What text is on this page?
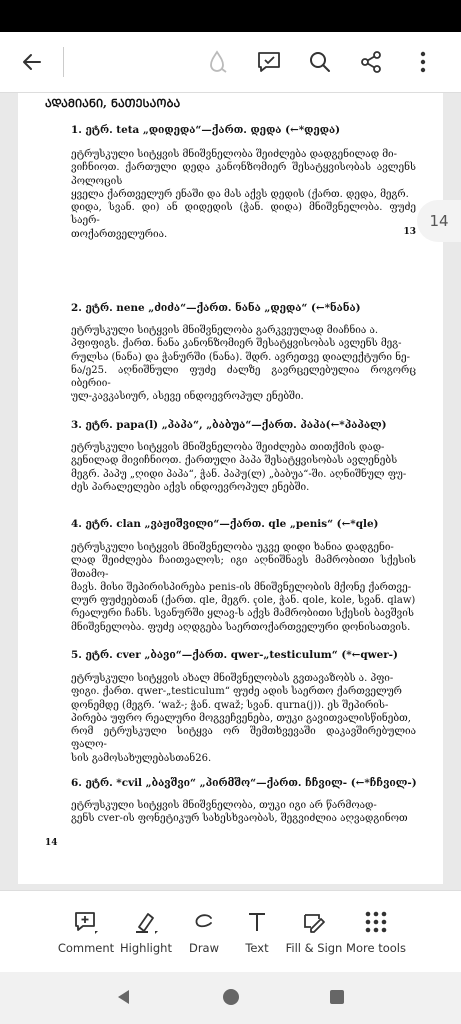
ᲐᲓᲐᲛᲘᲐᲜᲘ, ᲜᲐᲗᲔᲡᲐᲝᲑᲐ
1. ეტრ. teta „დიდედა“—ქართ. დედა (←*დედა)
ეტრუსკული სიტყვის მნიშვნელობა შეიძლება დადგენილად მი-
ვიჩნიოთ. ქართული დედა კანონზომიერ შესატყვისობას ავლენს პოლოცის
ყველა ქართველურ ენაში და მას აქვს დედის (ქართ. დედა, მეგრ.
დიდა, სვან. დი) ან დიდედის (ჭან. დიდა) მნიშვნელობა. ფუძე საერ-
თოქართველურია.	13
2. ეტრ. nene „ძიძა“—ქართ. ნანა „დედა“ (←*ნანა)
ეტრუსკული სიტყვის მნიშვნელობა გარკვეულად მიაჩნია ა.
პფიფიგს. ქართ. ნანა კანონზომიერ შესატყვისობას ავლენს მეგ-
რულსა (ნანა) და ჭანურში (ნანა). შდრ. ავრეთვე დიალექტური ნე-
ნა/ე25. აღნიშნული ფუძე ძალზე გავრცელებულია როგორც იბერიი-
ულ-კავკასიურ, ასევე ინდოევროპულ ენებში.
3. ეტრ. papa(l) „პაპა“, „ბაბუა“—ქართ. პაპა(←*პაპალ)
ეტრუსკული სიტყვის მნიშვნელობა შეიძლება თითქმის დად-
გენილად მივიჩნიოთ. ქართული პაპა შესატყვისობას ავლენებს
მეგრ. პაპუ „ღიდი პაპა“, ჭან. პაპუ(ლ) „ბაბუა“-ში. აღნიშნულ ფუ-
ძეს პარალელები აქვს ინდოევროპულ ენებში.
4. ეტრ. clan „ვაჟიშვილი“—ქართ. qle „penis“ (←*qle)
ეტრუსკული სიტყვის მნიშვნელობა უკვე დიდი ხანია დადგენი-
ლად შეიძლება ჩაითვალოს; იგი აღნიშნავს მამრობითი სქესის შთამო-
მავს. მისი შეპირისპირება penis-ის მნიშვნელობის მქონე ქართვე-
ლურ ფუძეებთან (ქართ. qle, მეგრ. ҁоlе, ჭან. qole, kole, სვან. qlaw)
რეალური ჩანს. სვანურში ყლავ-ს აქვს მამრობითი სქესის ბავშვის
მნიშვნელობა. ფუძე აღდგება საერთოქართველური დონისათვის.
5. ეტრ. cver „ბავი“—ქართ. qwer-„testiculum“ (*←qwer-)
ეტრუსკული სიტყვის ახალ მნიშვნელობას გვთავაზობს ა. პფი-
ფიგი. ქართ. qwer-„testiculum“ ფუძე ადის საერთო ქართველურ
დონემდე (მეგრ. ‘waž-; ჭან. qwaž; სვან. qurna(j)). ეს შეპირის-
პირება უფრო რეალური მოგვეჩვენება, თუკი გავითვალისწინებთ,
რომ ეტრუსკული სიტყვა ორ შემთხვევაში დაკავშირებულია ფალო-
სის გამოსახულებასთან26.
6. ეტრ. *cvil „ბავშვი“ „პირმშო“—ქართ. ჩჩვილ- (←*ჩჩვილ-)
ეტრუსკული სიტყვის მნიშვნელობა, თუკი იგი არ წარმოად-
გენს cver-ის ფონეტიკურ სახესხვაობას, შეგვიძლია აღვადგინოთ
14
14
Comment Highlight	Draw	Text	Fill & Sign More tools
